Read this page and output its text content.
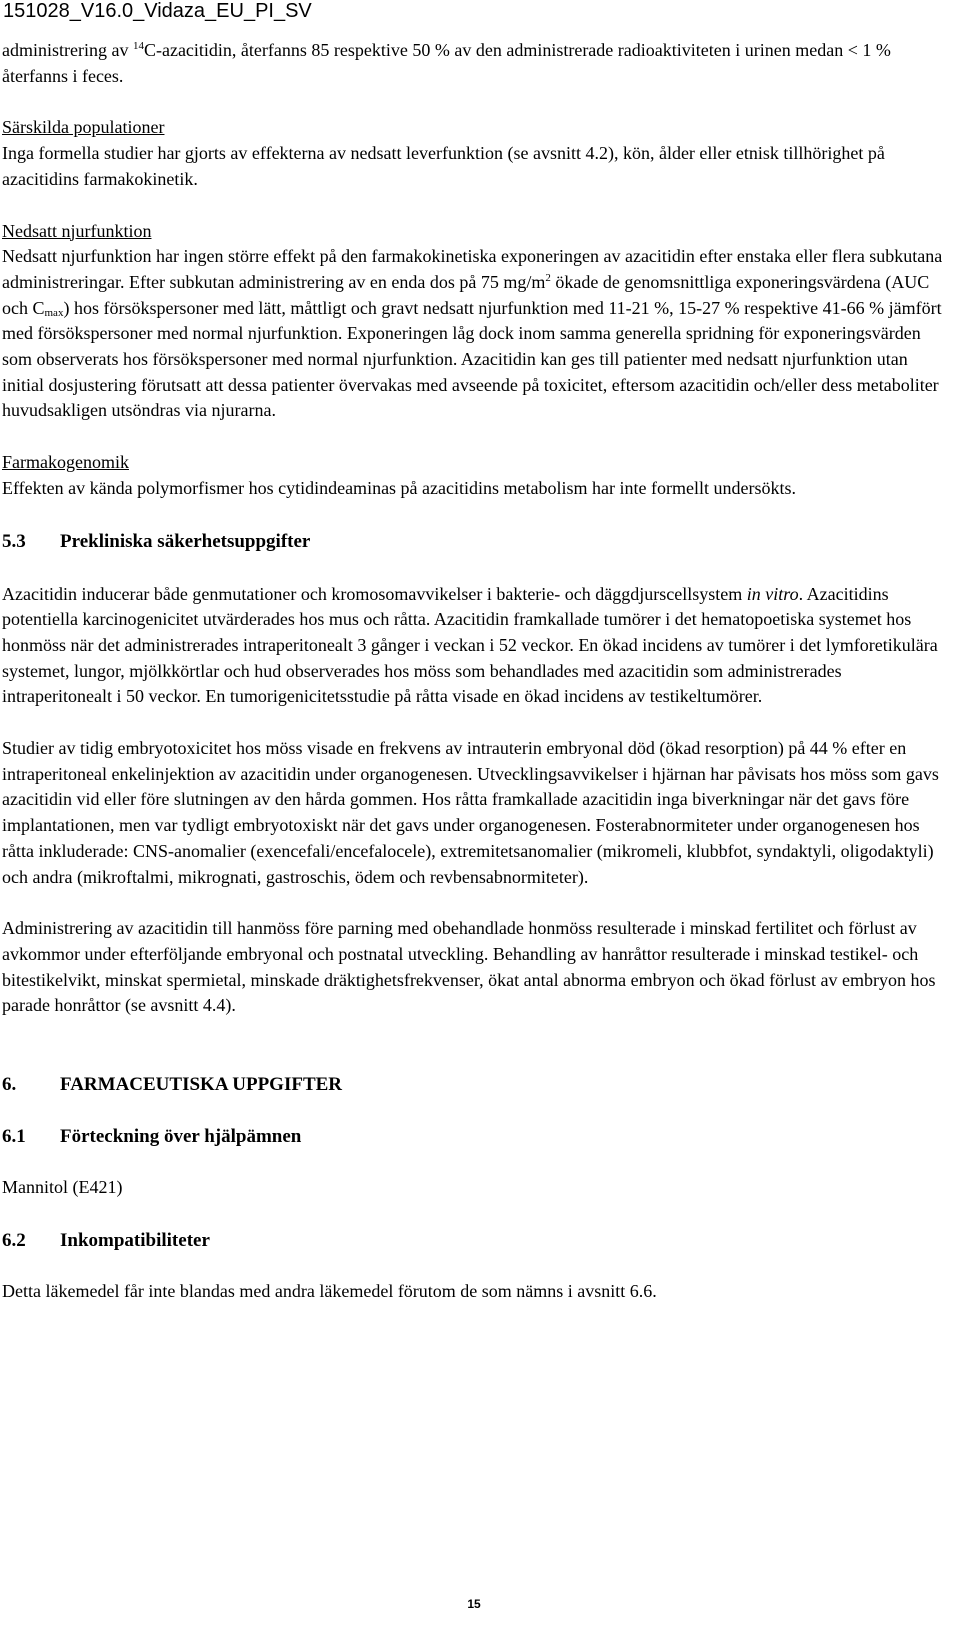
151028_V16.0_Vidaza_EU_PI_SV

administrering av $^{14}$C-azacitidin, återfanns 85 respektive 50 % av den administrerade radioaktiviteten i urinen medan < 1 % återfanns i feces.

Särskilda populationer

Inga formella studier har gjorts av effekterna av nedsatt leverfunktion (se avsnitt 4.2), kön, ålder eller etnisk tillhörighet på azacitidins farmakokinetik.

Nedsatt njurfunktion

Nedsatt njurfunktion har ingen större effekt på den farmakokinetiska exponeringen av azacitidin efter enstaka eller flera subkutana administreringar. Efter subkutan administrering av en enda dos på 75 $mg/m^2$ ökade de genomsnittliga exponeringsvärdena (AUC och $C_{max}$) hos försökspersoner med lätt, måttligt och gravt nedsatt njurfunktion med 11-21 %, 15-27 % respektive 41-66 % jämfört med försökspersoner med normal njurfunktion. Exponeringen låg dock inom samma generella spridning för exponeringsvärden som observerats hos försökspersoner med normal njurfunktion. Azacitidin kan ges till patienter med nedsatt njurfunktion utan initial dosjustering förutsatt att dessa patienter övervakas med avseende på toxicitet, eftersom azacitidin och/eller dess metaboliter huvudsakligen utsöndras via njurarna.

Farmakogenomik

Effekten av kända polymorfismer hos cytidindeaminas på azacitidins metabolism har inte formellt undersökts.

5.3 Prekliniska säkerhetsuppgifter

Azacitidin inducerar både genmutationer och kromosomavvikelser i bakterie- och däggdjurscellsystem in vitro. Azacitidins potentiella karcinogenicitet utvärderades hos mus och råtta. Azacitidin framkallade tumörer i det hematopoetiska systemet hos honmöss när det administrerades intraperitonealt 3 gånger i veckan i 52 veckor. En ökad incidens av tumörer i det lymforetikulära systemet, lungor, mjölkkörtlar och hud observerades hos möss som behandlades med azacitidin som administrerades intraperitonealt i 50 veckor. En tumorigenicitetsstudie på råtta visade en ökad incidens av testikeltumörer.

Studier av tidig embryotoxicitet hos möss visade en frekvens av intrauterin embryonal död (ökad resorption) på 44 % efter en intraperitoneal enkelinjektion av azacitidin under organogenesen. Utvecklingsavvikelser i hjärnan har påvisats hos möss som gavs azacitidin vid eller före slutningen av den hårda gommen. Hos råtta framkallade azacitidin inga biverkningar när det gavs före implantationen, men var tydligt embryotoxiskt när det gavs under organogenesen. Fosterabnormiteter under organogenesen hos råtta inkluderade: CNS-anomalier (exencefali/encefalocele), extremitetsanomalier (mikromeli, klubbfot, syndaktyli, oligodaktyli) och andra (mikroftalmi, mikrognati, gastroschis, ödem och revbensabnormiteter).

Administrering av azacitidin till hanmöss före parning med obehandlade honmöss resulterade i minskad fertilitet och förlust av avkommor under efterföljande embryonal och postnatal utveckling. Behandling av hanråttor resulterade i minskad testikel- och bitestikelvikt, minskat spermietal, minskade dräktighetsfrekvenser, ökat antal abnorma embryon och ökad förlust av embryon hos parade honråttor (se avsnitt 4.4).

6. FARMACEUTISKA UPPGIFTER

6.1 Förteckning över hjälpämnen

Mannitol (E421)

6.2 Inkompatibiliteter

Detta läkemedel får inte blandas med andra läkemedel förutom de som nämns i avsnitt 6.6.

15
